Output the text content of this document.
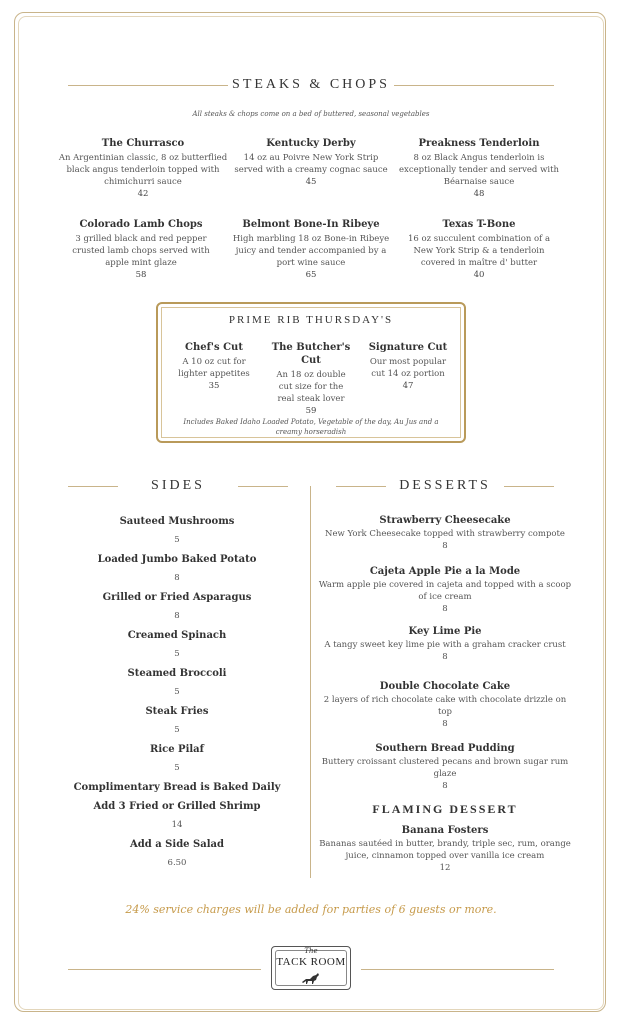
STEAKS & CHOPS
All steaks & chops come on a bed of buttered, seasonal vegetables
The Churrasco
An Argentinian classic, 8 oz butterflied black angus tenderloin topped with chimichurri sauce
42
Kentucky Derby
14 oz au Poivre New York Strip served with a creamy cognac sauce
45
Preakness Tenderloin
8 oz Black Angus tenderloin is exceptionally tender and served with Béarnaise sauce
48
Colorado Lamb Chops
3 grilled black and red pepper crusted lamb chops served with apple mint glaze
58
Belmont Bone-In Ribeye
High marbling 18 oz Bone-in Ribeye juicy and tender accompanied by a port wine sauce
65
Texas T-Bone
16 oz succulent combination of a New York Strip & a tenderloin covered in maître d' butter
40
PRIME RIB THURSDAY'S
Chef's Cut
A 10 oz cut for lighter appetites
35
The Butcher's Cut
An 18 oz double cut size for the real steak lover
59
Signature Cut
Our most popular cut 14 oz portion
47
Includes Baked Idaho Loaded Potato, Vegetable of the day, Au Jus and a creamy horseradish
SIDES	DESSERTS
Sauteed Mushrooms
5
Loaded Jumbo Baked Potato
8
Grilled or Fried Asparagus
8
Creamed Spinach
5
Steamed Broccoli
5
Steak Fries
5
Rice Pilaf
5
Complimentary Bread is Baked Daily
Add 3 Fried or Grilled Shrimp
14
Add a Side Salad
6.50
Strawberry Cheesecake
New York Cheesecake topped with strawberry compote
8
Cajeta Apple Pie a la Mode
Warm apple pie covered in cajeta and topped with a scoop of ice cream
8
Key Lime Pie
A tangy sweet key lime pie with a graham cracker crust
8
Double Chocolate Cake
2 layers of rich chocolate cake with chocolate drizzle on top
8
Southern Bread Pudding
Buttery croissant clustered pecans and brown sugar rum glaze
8
FLAMING DESSERT
Banana Fosters
Bananas sautéed in butter, brandy, triple sec, rum, orange juice, cinnamon topped over vanilla ice cream
12
24% service charges will be added for parties of 6 guests or more.
The
TACK ROOM
